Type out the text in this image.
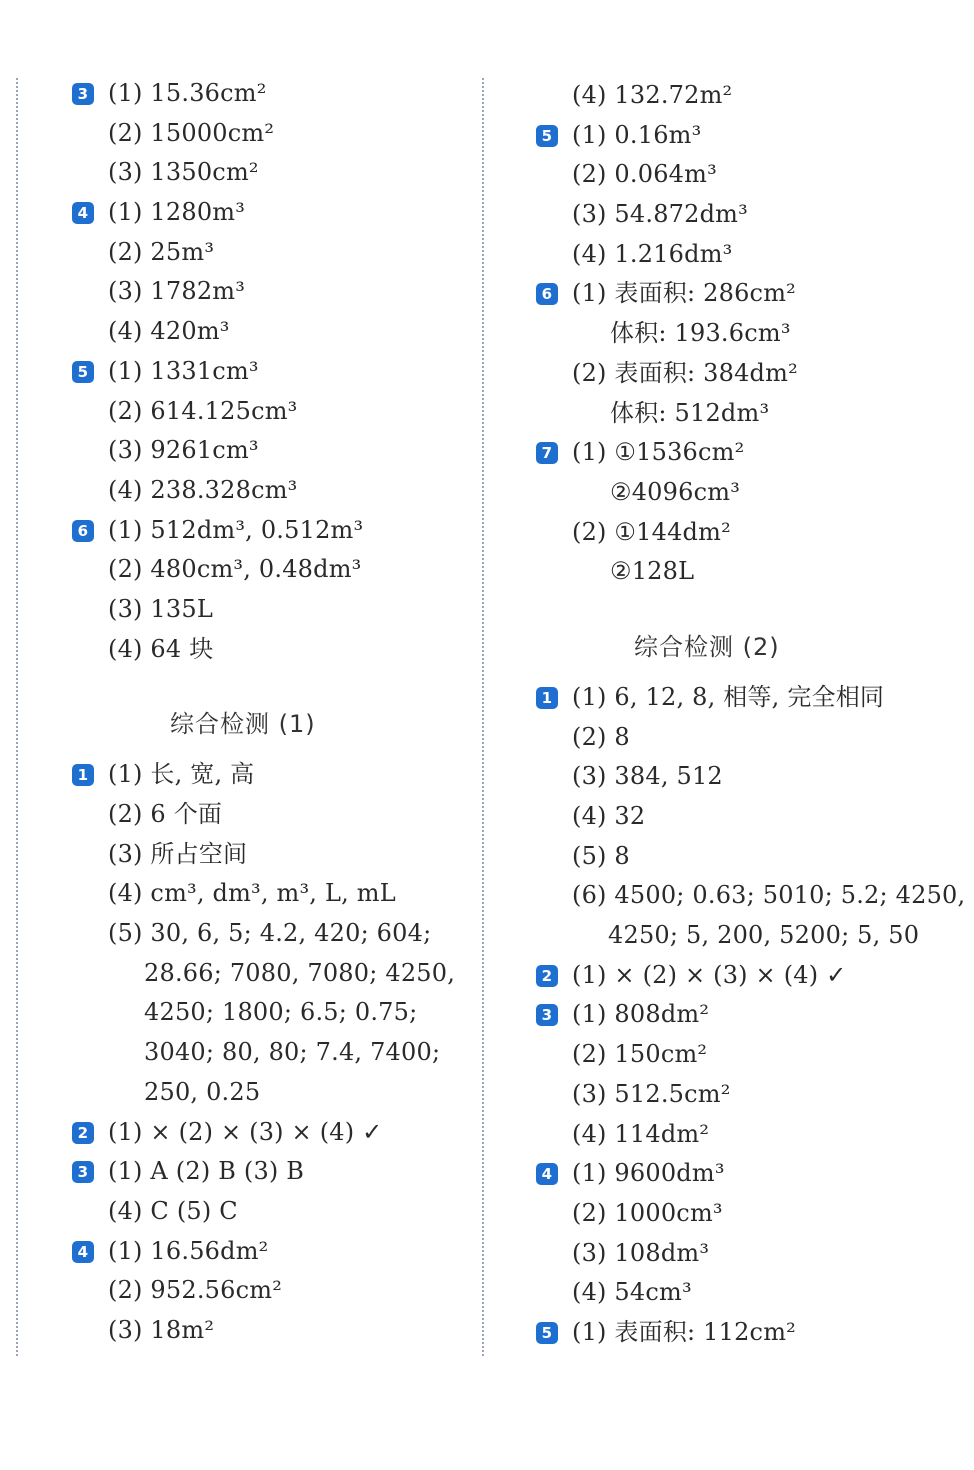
3 (1) 15.36cm²
(2) 15000cm²
(3) 1350cm²
4 (1) 1280m³
(2) 25m³
(3) 1782m³
(4) 420m³
5 (1) 1331cm³
(2) 614.125cm³
(3) 9261cm³
(4) 238.328cm³
6 (1) 512dm³, 0.512m³
(2) 480cm³, 0.48dm³
(3) 135L
(4) 64 块
综合检测 (1)
1 (1) 长, 宽, 高
(2) 6 个面
(3) 所占空间
(4) cm³, dm³, m³, L, mL
(5) 30, 6, 5; 4.2, 420; 604;
28.66; 7080, 7080; 4250,
4250; 1800; 6.5; 0.75;
3040; 80, 80; 7.4, 7400;
250, 0.25
2 (1) × (2) × (3) × (4) ✓
3 (1) A (2) B (3) B
(4) C (5) C
4 (1) 16.56dm²
(2) 952.56cm²
(3) 18m²
(4) 132.72m²
5 (1) 0.16m³
(2) 0.064m³
(3) 54.872dm³
(4) 1.216dm³
6 (1) 表面积: 286cm²
体积: 193.6cm³
(2) 表面积: 384dm²
体积: 512dm³
7 (1) ①1536cm²
②4096cm³
(2) ①144dm²
②128L
综合检测 (2)
1 (1) 6, 12, 8, 相等, 完全相同
(2) 8
(3) 384, 512
(4) 32
(5) 8
(6) 4500; 0.63; 5010; 5.2; 4250,
4250; 5, 200, 5200; 5, 50
2 (1) × (2) × (3) × (4) ✓
3 (1) 808dm²
(2) 150cm²
(3) 512.5cm²
(4) 114dm²
4 (1) 9600dm³
(2) 1000cm³
(3) 108dm³
(4) 54cm³
5 (1) 表面积: 112cm²
